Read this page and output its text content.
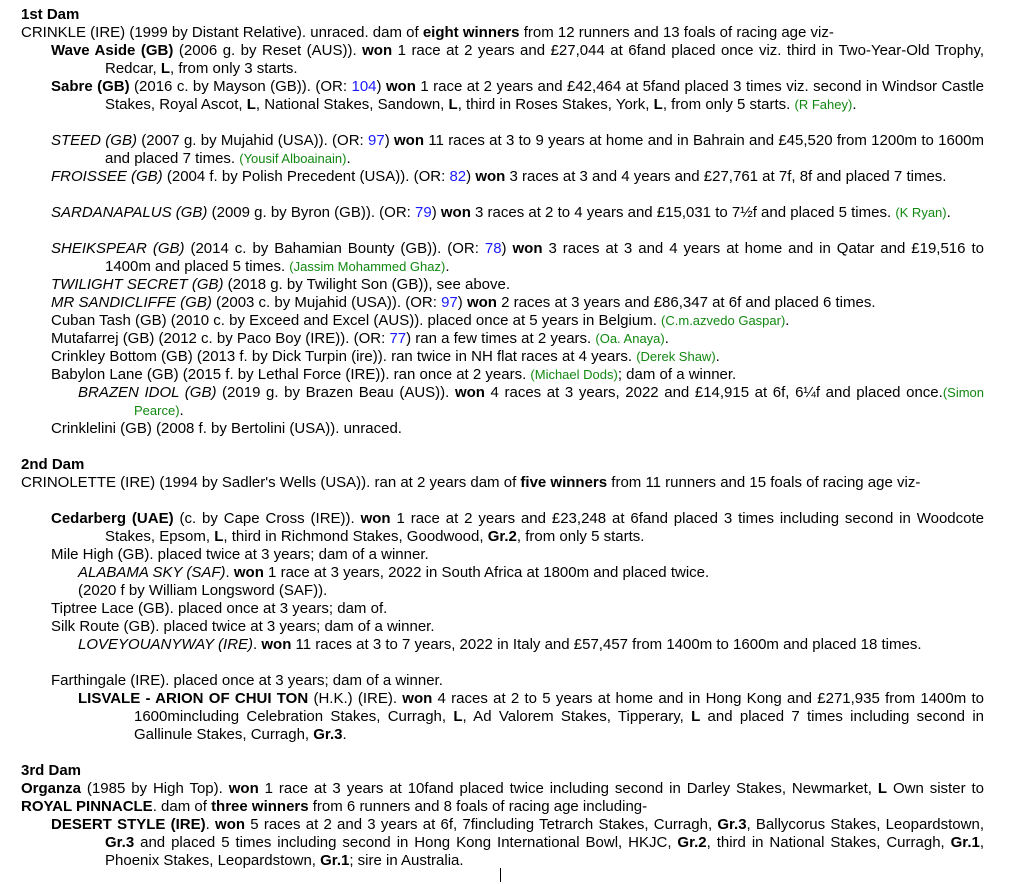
1st Dam
CRINKLE (IRE) (1999 by Distant Relative). unraced. dam of eight winners from 12 runners and 13 foals of racing age viz-
Wave Aside (GB) (2006 g. by Reset (AUS)). won 1 race at 2 years and £27,044 at 6fand placed once viz. third in Two-Year-Old Trophy, Redcar, L, from only 3 starts.
Sabre (GB) (2016 c. by Mayson (GB)). (OR: 104) won 1 race at 2 years and £42,464 at 5fand placed 3 times viz. second in Windsor Castle Stakes, Royal Ascot, L, National Stakes, Sandown, L, third in Roses Stakes, York, L, from only 5 starts. (R Fahey).
STEED (GB) (2007 g. by Mujahid (USA)). (OR: 97) won 11 races at 3 to 9 years at home and in Bahrain and £45,520 from 1200m to 1600m and placed 7 times. (Yousif Alboainain).
FROISSEE (GB) (2004 f. by Polish Precedent (USA)). (OR: 82) won 3 races at 3 and 4 years and £27,761 at 7f, 8f and placed 7 times.
SARDANAPALUS (GB) (2009 g. by Byron (GB)). (OR: 79) won 3 races at 2 to 4 years and £15,031 to 7½f and placed 5 times. (K Ryan).
SHEIKSPEAR (GB) (2014 c. by Bahamian Bounty (GB)). (OR: 78) won 3 races at 3 and 4 years at home and in Qatar and £19,516 to 1400m and placed 5 times. (Jassim Mohammed Ghaz).
TWILIGHT SECRET (GB) (2018 g. by Twilight Son (GB)), see above.
MR SANDICLIFFE (GB) (2003 c. by Mujahid (USA)). (OR: 97) won 2 races at 3 years and £86,347 at 6f and placed 6 times.
Cuban Tash (GB) (2010 c. by Exceed and Excel (AUS)). placed once at 5 years in Belgium. (C.m.azvedo Gaspar).
Mutafarrej (GB) (2012 c. by Paco Boy (IRE)). (OR: 77) ran a few times at 2 years. (Oa. Anaya).
Crinkley Bottom (GB) (2013 f. by Dick Turpin (ire)). ran twice in NH flat races at 4 years. (Derek Shaw).
Babylon Lane (GB) (2015 f. by Lethal Force (IRE)). ran once at 2 years. (Michael Dods); dam of a winner.
BRAZEN IDOL (GB) (2019 g. by Brazen Beau (AUS)). won 4 races at 3 years, 2022 and £14,915 at 6f, 6¼f and placed once.(Simon Pearce).
Crinklelini (GB) (2008 f. by Bertolini (USA)). unraced.
2nd Dam
CRINOLETTE (IRE) (1994 by Sadler's Wells (USA)). ran at 2 years dam of five winners from 11 runners and 15 foals of racing age viz-
Cedarberg (UAE) (c. by Cape Cross (IRE)). won 1 race at 2 years and £23,248 at 6fand placed 3 times including second in Woodcote Stakes, Epsom, L, third in Richmond Stakes, Goodwood, Gr.2, from only 5 starts.
Mile High (GB). placed twice at 3 years; dam of a winner.
ALABAMA SKY (SAF). won 1 race at 3 years, 2022 in South Africa at 1800m and placed twice.
(2020 f by William Longsword (SAF)).
Tiptree Lace (GB). placed once at 3 years; dam of.
Silk Route (GB). placed twice at 3 years; dam of a winner.
LOVEYOUANYWAY (IRE). won 11 races at 3 to 7 years, 2022 in Italy and £57,457 from 1400m to 1600m and placed 18 times.
Farthingale (IRE). placed once at 3 years; dam of a winner.
LISVALE - ARION OF CHUI TON (H.K.) (IRE). won 4 races at 2 to 5 years at home and in Hong Kong and £271,935 from 1400m to 1600mincluding Celebration Stakes, Curragh, L, Ad Valorem Stakes, Tipperary, L and placed 7 times including second in Gallinule Stakes, Curragh, Gr.3.
3rd Dam
Organza (1985 by High Top). won 1 race at 3 years at 10fand placed twice including second in Darley Stakes, Newmarket, L Own sister to ROYAL PINNACLE. dam of three winners from 6 runners and 8 foals of racing age including-
DESERT STYLE (IRE). won 5 races at 2 and 3 years at 6f, 7fincluding Tetrarch Stakes, Curragh, Gr.3, Ballycorus Stakes, Leopardstown, Gr.3 and placed 5 times including second in Hong Kong International Bowl, HKJC, Gr.2, third in National Stakes, Curragh, Gr.1, Phoenix Stakes, Leopardstown, Gr.1; sire in Australia.
